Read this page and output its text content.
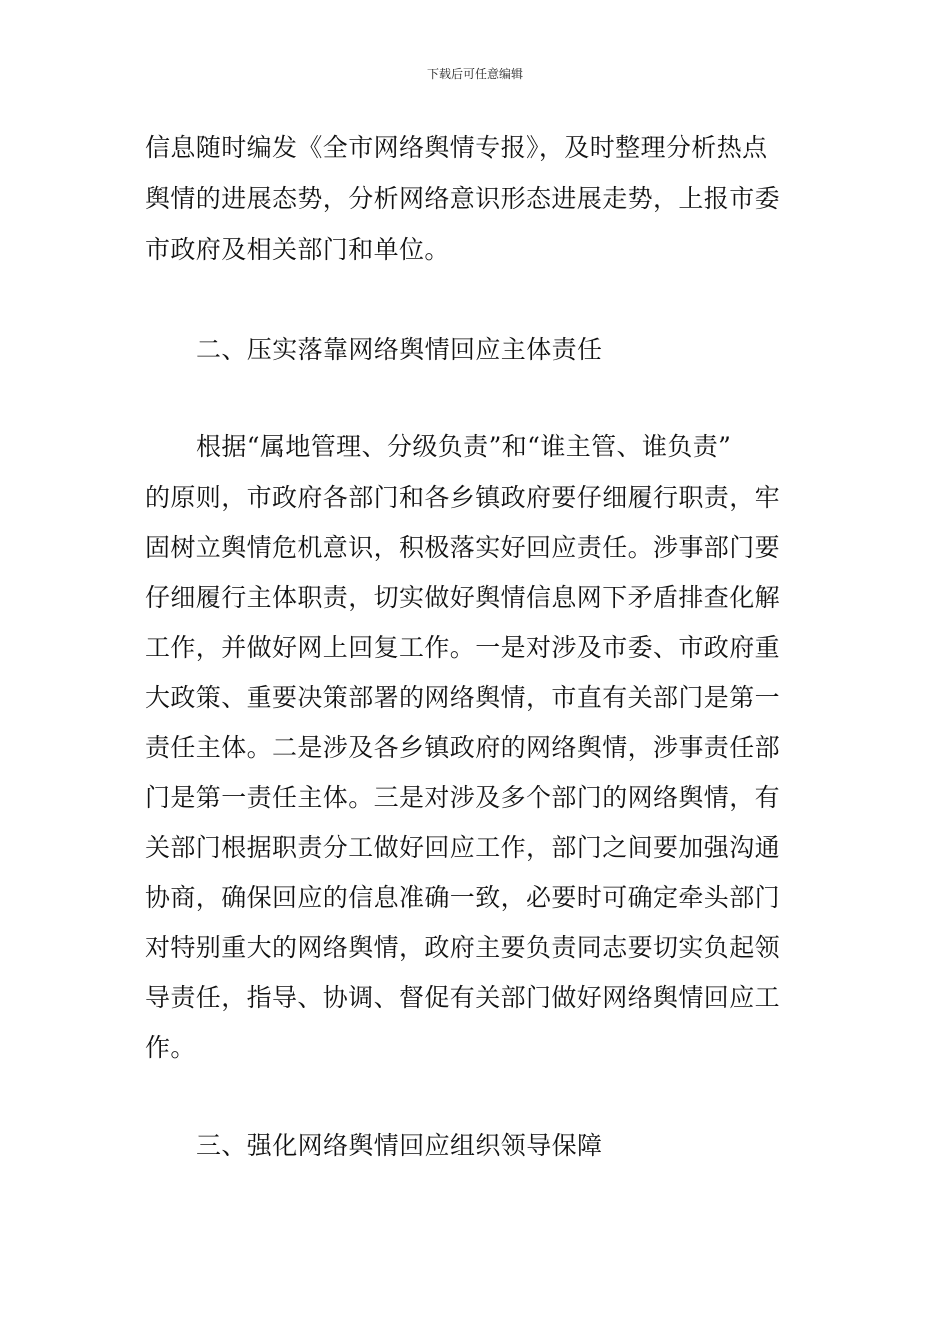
下载后可任意编辑
信息随时编发《全市网络舆情专报》，及时整理分析热点
舆情的进展态势，分析网络意识形态进展走势，上报市委
市政府及相关部门和单位。
二、压实落靠网络舆情回应主体责任
根据“属地管理、分级负责”和“谁主管、谁负责”
的原则，市政府各部门和各乡镇政府要仔细履行职责，牢
固树立舆情危机意识，积极落实好回应责任。涉事部门要
仔细履行主体职责，切实做好舆情信息网下矛盾排查化解
工作，并做好网上回复工作。一是对涉及市委、市政府重
大政策、重要决策部署的网络舆情，市直有关部门是第一
责任主体。二是涉及各乡镇政府的网络舆情，涉事责任部
门是第一责任主体。三是对涉及多个部门的网络舆情，有
关部门根据职责分工做好回应工作，部门之间要加强沟通
协商，确保回应的信息准确一致，必要时可确定牵头部门
对特别重大的网络舆情，政府主要负责同志要切实负起领
导责任，指导、协调、督促有关部门做好网络舆情回应工
作。
三、强化网络舆情回应组织领导保障
